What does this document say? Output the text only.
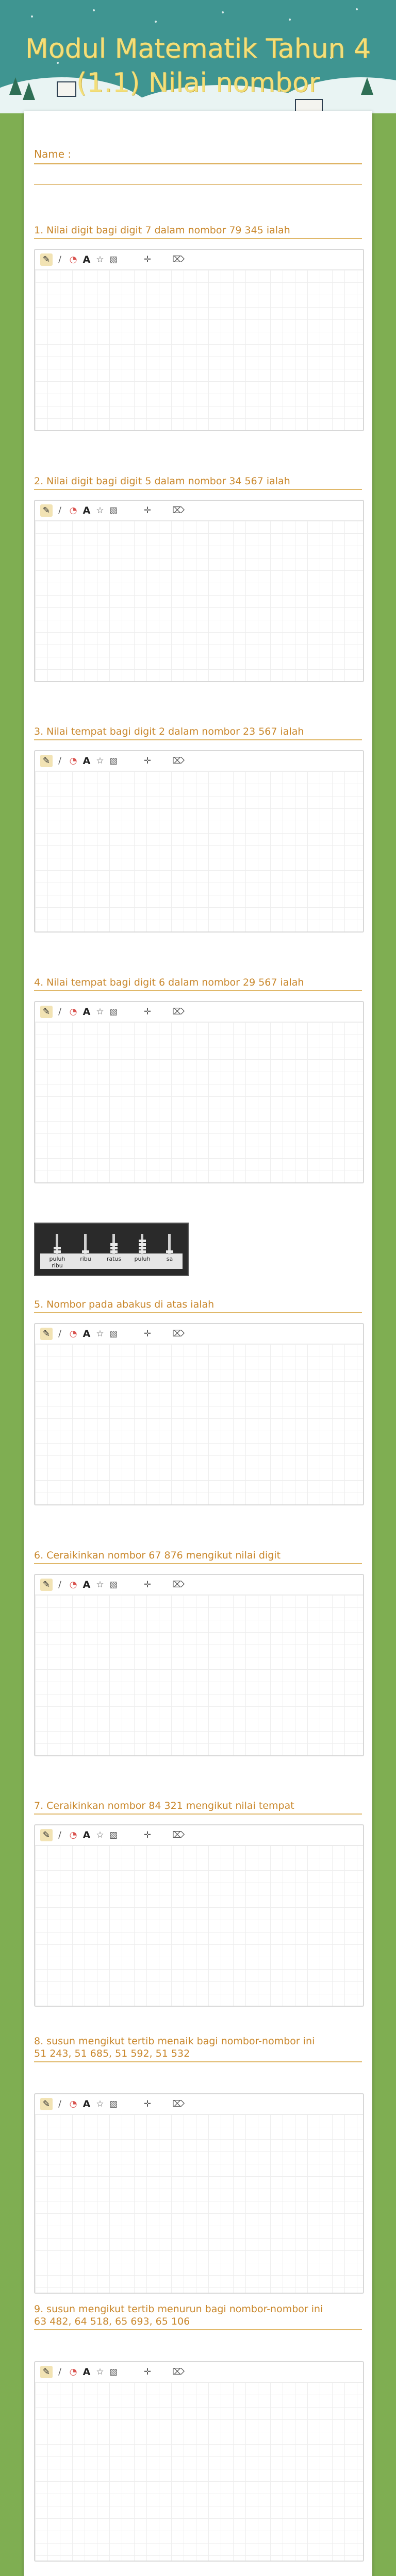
Modul Matematik Tahun 4 (1.1) Nilai nombor
Name :
1. Nilai digit bagi digit 7 dalam nombor 79 345 ialah
✎ ∕ ◔ A ☆ ▧	✛ ⌦
2. Nilai digit bagi digit 5 dalam nombor 34 567 ialah
✎ ∕ ◔ A ☆ ▧	✛ ⌦
3. Nilai tempat bagi digit 2 dalam nombor 23 567 ialah
✎ ∕ ◔ A ☆ ▧	✛ ⌦
4. Nilai tempat bagi digit 6 dalam nombor 29 567 ialah
✎ ∕ ◔ A ☆ ▧	✛ ⌦
5. Nombor pada abakus di atas ialah
✎ ∕ ◔ A ☆ ▧	✛ ⌦
6. Ceraikinkan nombor 67 876 mengikut nilai digit
✎ ∕ ◔ A ☆ ▧	✛ ⌦
7. Ceraikinkan nombor 84 321 mengikut nilai tempat
✎ ∕ ◔ A ☆ ▧	✛ ⌦
8. susun mengikut tertib menaik bagi nombor-nombor ini
51 243, 51 685, 51 592, 51 532
✎ ∕ ◔ A ☆ ▧	✛ ⌦
9. susun mengikut tertib menurun bagi nombor-nombor ini
63 482, 64 518, 65 693, 65 106
✎ ∕ ◔ A ☆ ▧	✛ ⌦
puluh ribu
ribu	ratus	puluh	sa
